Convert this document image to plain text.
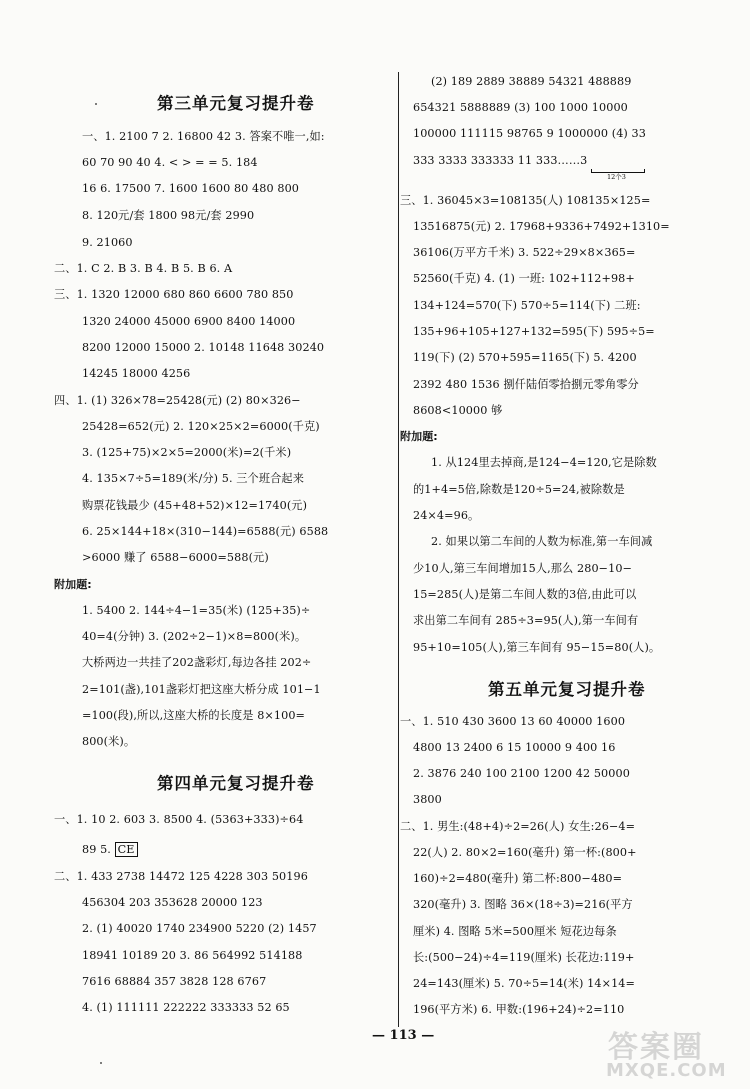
第三单元复习提升卷
一、1. 2100 7 2. 16800 42 3. 答案不唯一,如:
60 70 90 40 4. < > = = 5. 184
16 6. 17500 7. 1600 1600 80 480 800
8. 120元/套 1800 98元/套 2990
9. 21060
二、1. C 2. B 3. B 4. B 5. B 6. A
三、1. 1320 12000 680 860 6600 780 850
1320 24000 45000 6900 8400 14000
8200 12000 15000 2. 10148 11648 30240
14245 18000 4256
四、1. (1) 326×78=25428(元) (2) 80×326−
25428=652(元) 2. 120×25×2=6000(千克)
3. (125+75)×2×5=2000(米)=2(千米)
4. 135×7÷5=189(米/分) 5. 三个班合起来
购票花钱最少 (45+48+52)×12=1740(元)
6. 25×144+18×(310−144)=6588(元) 6588
>6000 赚了 6588−6000=588(元)
附加题:
1. 5400 2. 144÷4−1=35(米) (125+35)÷
40=4(分钟) 3. (202÷2−1)×8=800(米)。
大桥两边一共挂了202盏彩灯,每边各挂 202÷
2=101(盏),101盏彩灯把这座大桥分成 101−1
=100(段),所以,这座大桥的长度是 8×100=
800(米)。
第四单元复习提升卷
一、1. 10 2. 603 3. 8500 4. (5363+333)÷64
89 5. CE
二、1. 433 2738 14472 125 4228 303 50196
456304 203 353628 20000 123
2. (1) 40020 1740 234900 5220 (2) 1457
18941 10189 20 3. 86 564992 514188
7616 68884 357 3828 128 6767
4. (1) 111111 222222 333333 52 65
(2) 189 2889 38889 54321 488889
654321 5888889 (3) 100 1000 10000
100000 111115 98765 9 1000000 (4) 33
333 3333 333333 11 333……3
12个3
三、1. 36045×3=108135(人) 108135×125=
13516875(元) 2. 17968+9336+7492+1310=
36106(万平方千米) 3. 522÷29×8×365=
52560(千克) 4. (1) 一班: 102+112+98+
134+124=570(下) 570÷5=114(下) 二班:
135+96+105+127+132=595(下) 595÷5=
119(下) (2) 570+595=1165(下) 5. 4200
2392 480 1536 捌仟陆佰零拾捌元零角零分
8608<10000 够
附加题:
1. 从124里去掉商,是124−4=120,它是除数
的1+4=5倍,除数是120÷5=24,被除数是
24×4=96。
2. 如果以第二车间的人数为标准,第一车间减
少10人,第三车间增加15人,那么 280−10−
15=285(人)是第二车间人数的3倍,由此可以
求出第二车间有 285÷3=95(人),第一车间有
95+10=105(人),第三车间有 95−15=80(人)。
第五单元复习提升卷
一、1. 510 430 3600 13 60 40000 1600
4800 13 2400 6 15 10000 9 400 16
2. 3876 240 100 2100 1200 42 50000
3800
二、1. 男生:(48+4)÷2=26(人) 女生:26−4=
22(人) 2. 80×2=160(毫升) 第一杯:(800+
160)÷2=480(毫升) 第二杯:800−480=
320(毫升) 3. 图略 36×(18÷3)=216(平方
厘米) 4. 图略 5米=500厘米 短花边每条
长:(500−24)÷4=119(厘米) 长花边:119+
24=143(厘米) 5. 70÷5=14(米) 14×14=
196(平方米) 6. 甲数:(196+24)÷2=110
— 113 —	答案圈
MXQE.COM
